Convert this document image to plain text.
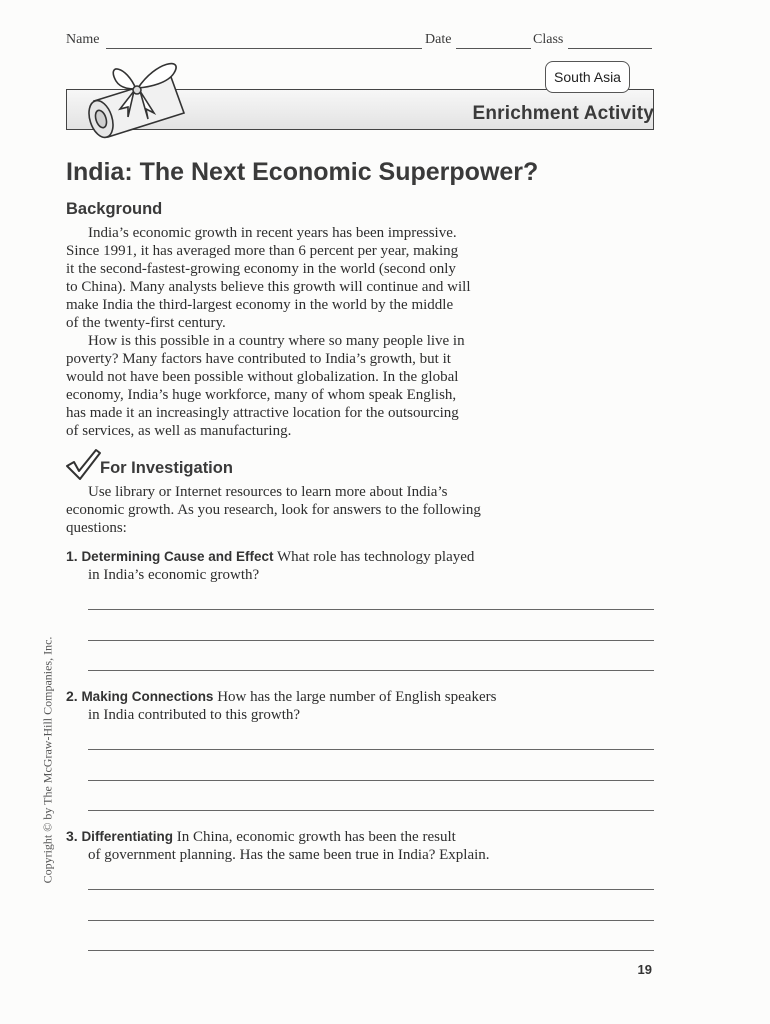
Name	Date	Class
South Asia
Enrichment Activity
India: The Next Economic Superpower?
Background
India’s economic growth in recent years has been impressive.
Since 1991, it has averaged more than 6 percent per year, making
it the second-fastest-growing economy in the world (second only
to China). Many analysts believe this growth will continue and will
make India the third-largest economy in the world by the middle
of the twenty-first century.
How is this possible in a country where so many people live in
poverty? Many factors have contributed to India’s growth, but it
would not have been possible without globalization. In the global
economy, India’s huge workforce, many of whom speak English,
has made it an increasingly attractive location for the outsourcing
of services, as well as manufacturing.
For Investigation
Use library or Internet resources to learn more about India’s
economic growth. As you research, look for answers to the following
questions:
1. Determining Cause and Effect What role has technology played
in India’s economic growth?
2. Making Connections How has the large number of English speakers
in India contributed to this growth?
3. Differentiating In China, economic growth has been the result
of government planning. Has the same been true in India? Explain.
Copyright © by The McGraw-Hill Companies, Inc.
19
